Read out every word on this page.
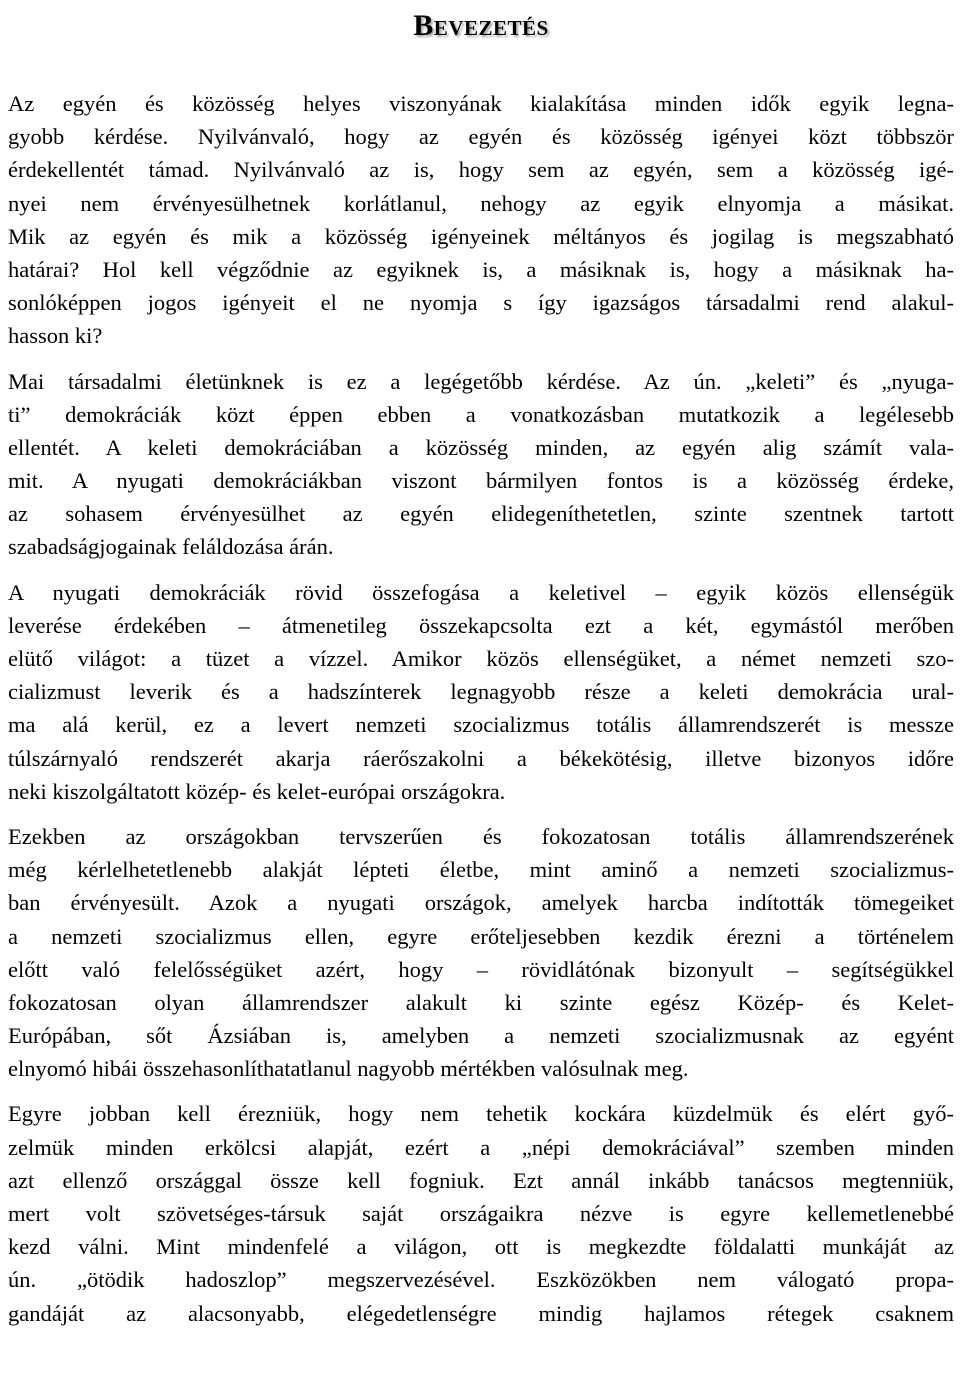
Bevezetés

Az egyén és közösség helyes viszonyának kialakítása minden idők egyik legna-
gyobb kérdése. Nyilvánvaló, hogy az egyén és közösség igényei közt többször
érdekellentét támad. Nyilvánvaló az is, hogy sem az egyén, sem a közösség igé-
nyei nem érvényesülhetnek korlátlanul, nehogy az egyik elnyomja a másikat.
Mik az egyén és mik a közösség igényeinek méltányos és jogilag is megszabható
határai? Hol kell végződnie az egyiknek is, a másiknak is, hogy a másiknak ha-
sonlóképpen jogos igényeit el ne nyomja s így igazságos társadalmi rend alakul-
hasson ki?

Mai társadalmi életünknek is ez a legégetőbb kérdése. Az ún. „keleti” és „nyuga-
ti” demokráciák közt éppen ebben a vonatkozásban mutatkozik a legélesebb
ellentét. A keleti demokráciában a közösség minden, az egyén alig számít vala-
mit. A nyugati demokráciákban viszont bármilyen fontos is a közösség érdeke,
az sohasem érvényesülhet az egyén elidegeníthetetlen, szinte szentnek tartott
szabadságjogainak feláldozása árán.

A nyugati demokráciák rövid összefogása a keletivel – egyik közös ellenségük
leverése érdekében – átmenetileg összekapcsolta ezt a két, egymástól merőben
elütő világot: a tüzet a vízzel. Amikor közös ellenségüket, a német nemzeti szo-
cializmust leverik és a hadszínterek legnagyobb része a keleti demokrácia ural-
ma alá kerül, ez a levert nemzeti szocializmus totális államrendszerét is messze
túlszárnyaló rendszerét akarja ráerőszakolni a békekötésig, illetve bizonyos időre
neki kiszolgáltatott közép- és kelet-európai országokra.

Ezekben az országokban tervszerűen és fokozatosan totális államrendszerének
még kérlelhetetlenebb alakját lépteti életbe, mint aminő a nemzeti szocializmus-
ban érvényesült. Azok a nyugati országok, amelyek harcba indították tömegeiket
a nemzeti szocializmus ellen, egyre erőteljesebben kezdik érezni a történelem
előtt való felelősségüket azért, hogy – rövidlátónak bizonyult – segítségükkel
fokozatosan olyan államrendszer alakult ki szinte egész Közép- és Kelet-
Európában, sőt Ázsiában is, amelyben a nemzeti szocializmusnak az egyént
elnyomó hibái összehasonlíthatatlanul nagyobb mértékben valósulnak meg.

Egyre jobban kell érezniük, hogy nem tehetik kockára küzdelmük és elért győ-
zelmük minden erkölcsi alapját, ezért a „népi demokráciával” szemben minden
azt ellenző országgal össze kell fogniuk. Ezt annál inkább tanácsos megtenniük,
mert volt szövetséges-társuk saját országaikra nézve is egyre kellemetlenebbé
kezd válni. Mint mindenfelé a világon, ott is megkezdte földalatti munkáját az
ún. „ötödik hadoszlop” megszervezésével. Eszközökben nem válogató propa-
gandáját az alacsonyabb, elégedetlenségre mindig hajlamos rétegek csaknem
